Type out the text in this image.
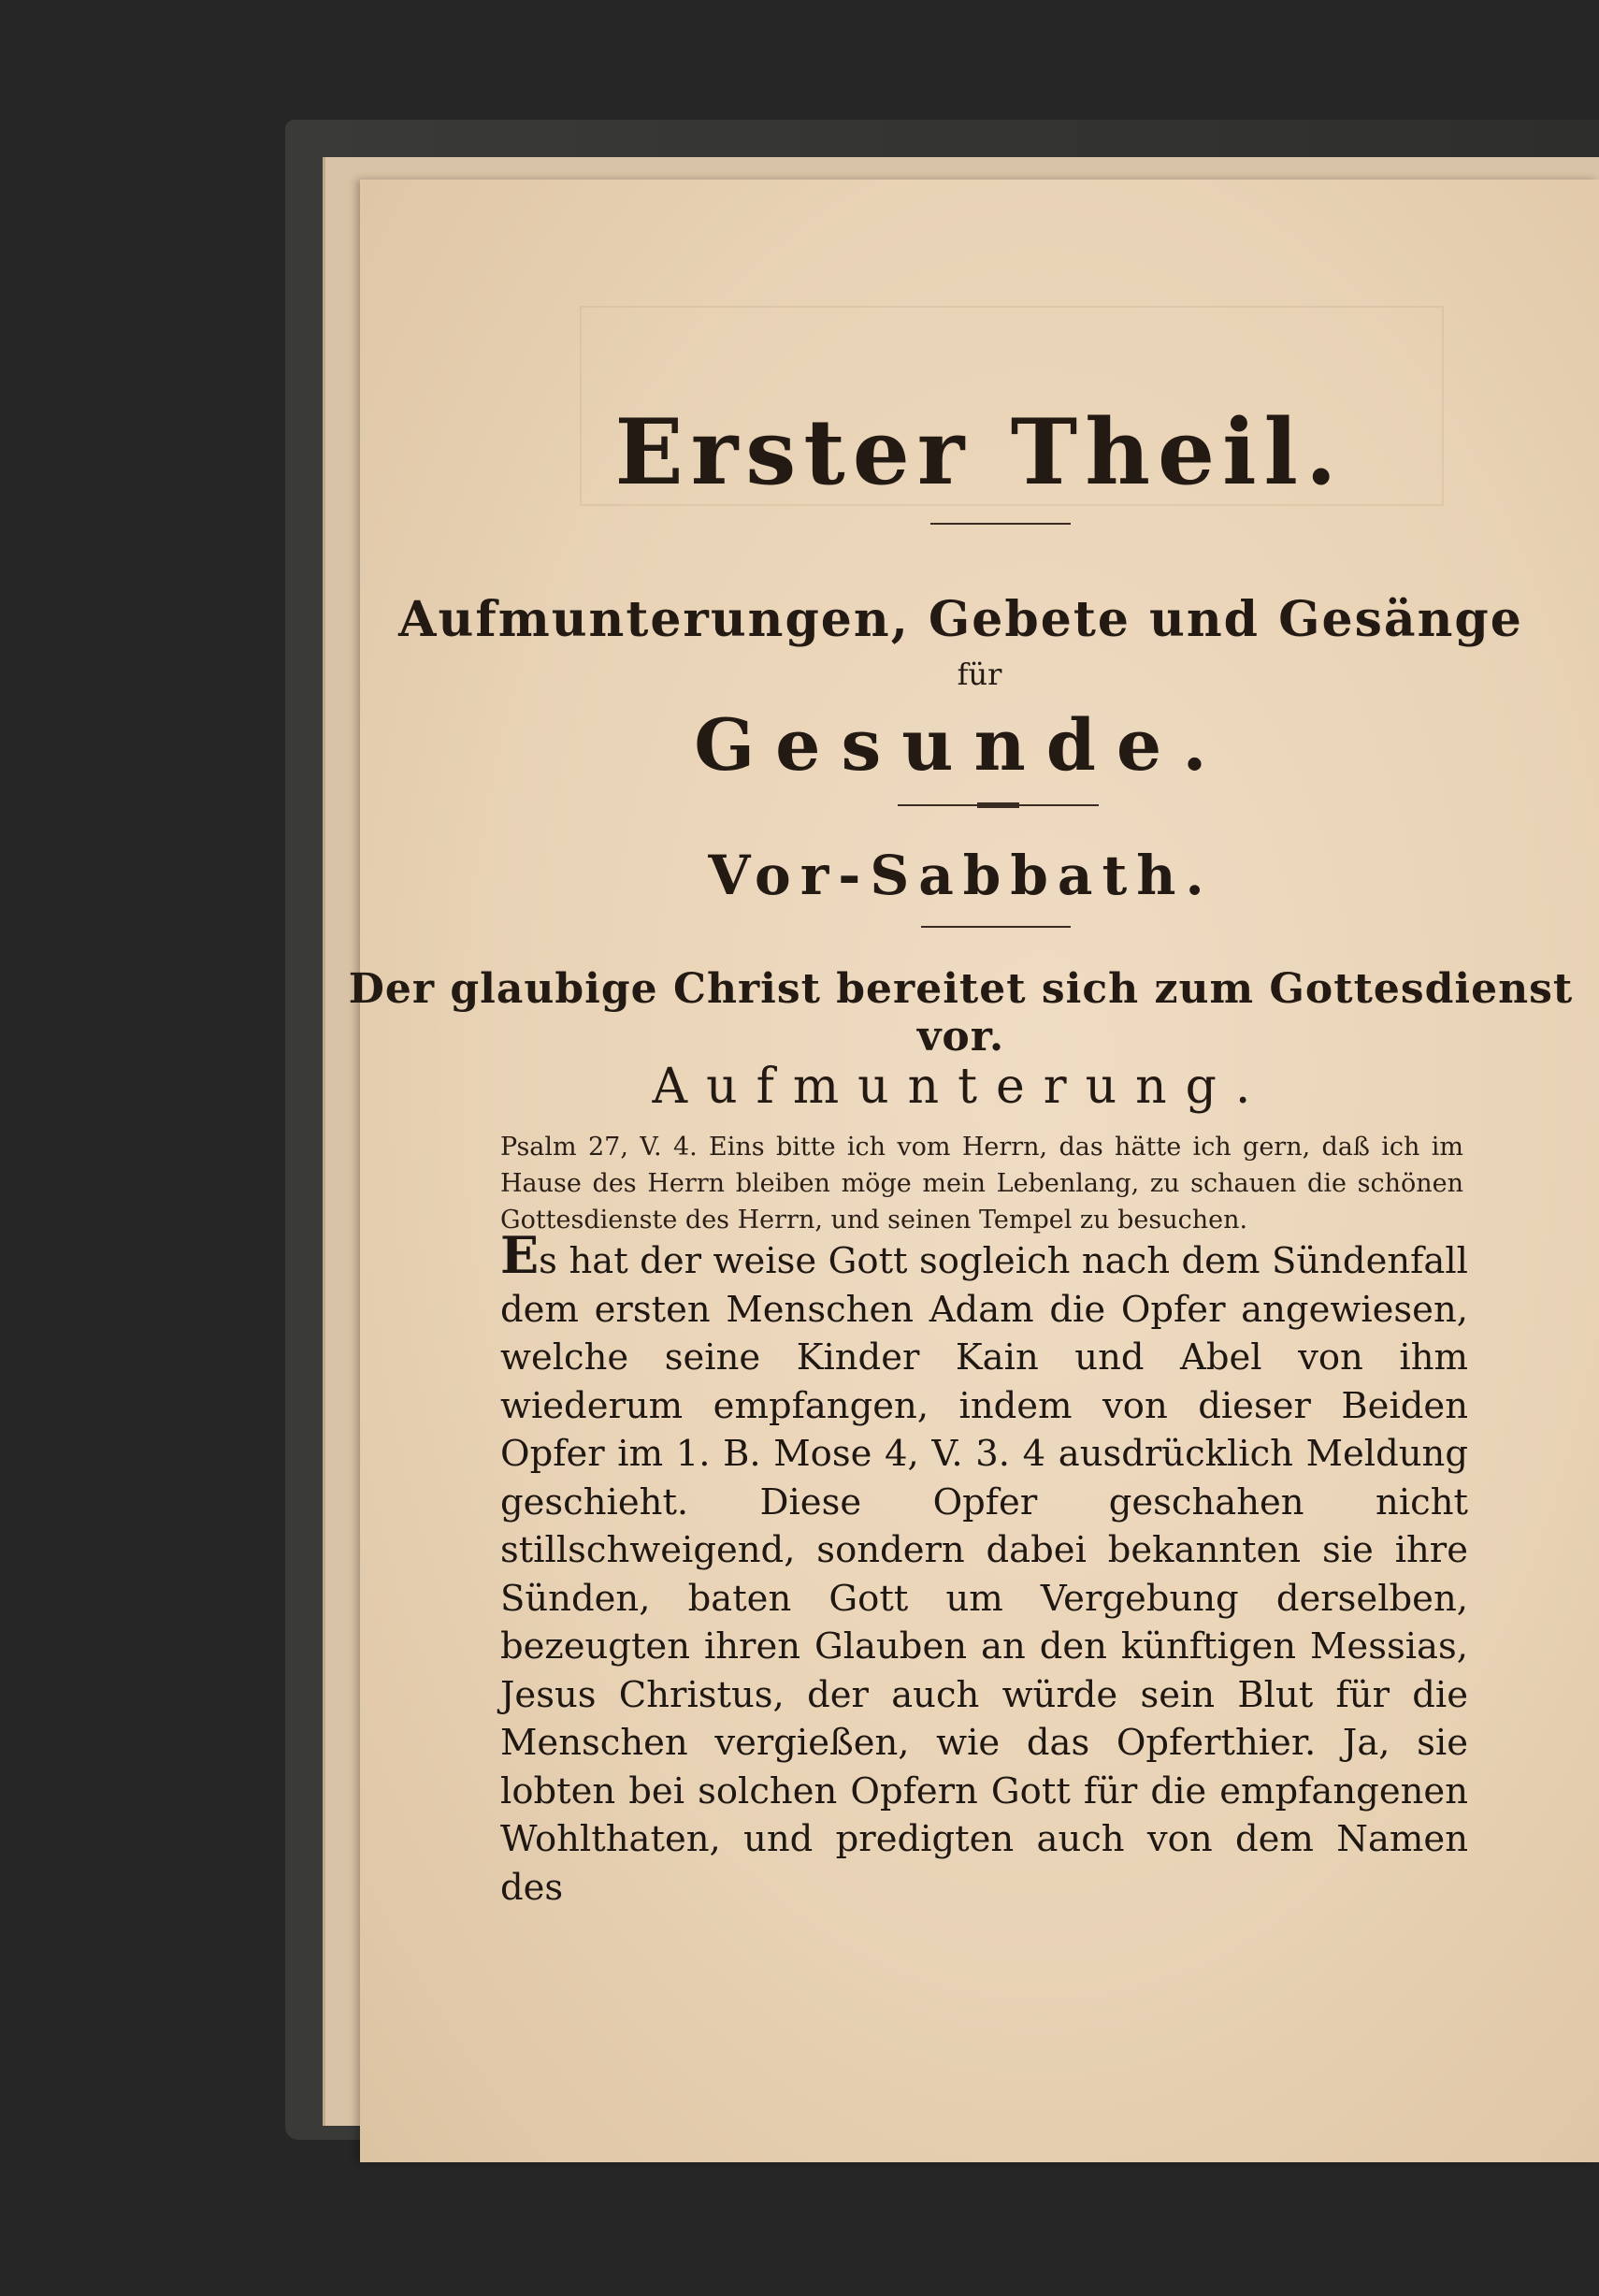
Erster Theil.
Aufmunterungen, Gebete und Gesänge
für
Gesunde.
Vor-Sabbath.
Der glaubige Christ bereitet sich zum Gottesdienst vor.
Aufmunterung.
Psalm 27, V. 4. Eins bitte ich vom Herrn, das hätte ich gern, daß ich im Hause des Herrn bleiben möge mein Lebenlang, zu schauen die schönen Gottesdienste des Herrn, und seinen Tempel zu besuchen.
Es hat der weise Gott sogleich nach dem Sündenfall dem ersten Menschen Adam die Opfer angewiesen, welche seine Kinder Kain und Abel von ihm wiederum empfangen, indem von dieser Beiden Opfer im 1. B. Mose 4, V. 3. 4 ausdrücklich Meldung geschieht. Diese Opfer geschahen nicht stillschweigend, sondern dabei bekannten sie ihre Sünden, baten Gott um Vergebung derselben, bezeugten ihren Glauben an den künftigen Messias, Jesus Christus, der auch würde sein Blut für die Menschen vergießen, wie das Opferthier. Ja, sie lobten bei solchen Opfern Gott für die empfangenen Wohlthaten, und predigten auch von dem Namen des
